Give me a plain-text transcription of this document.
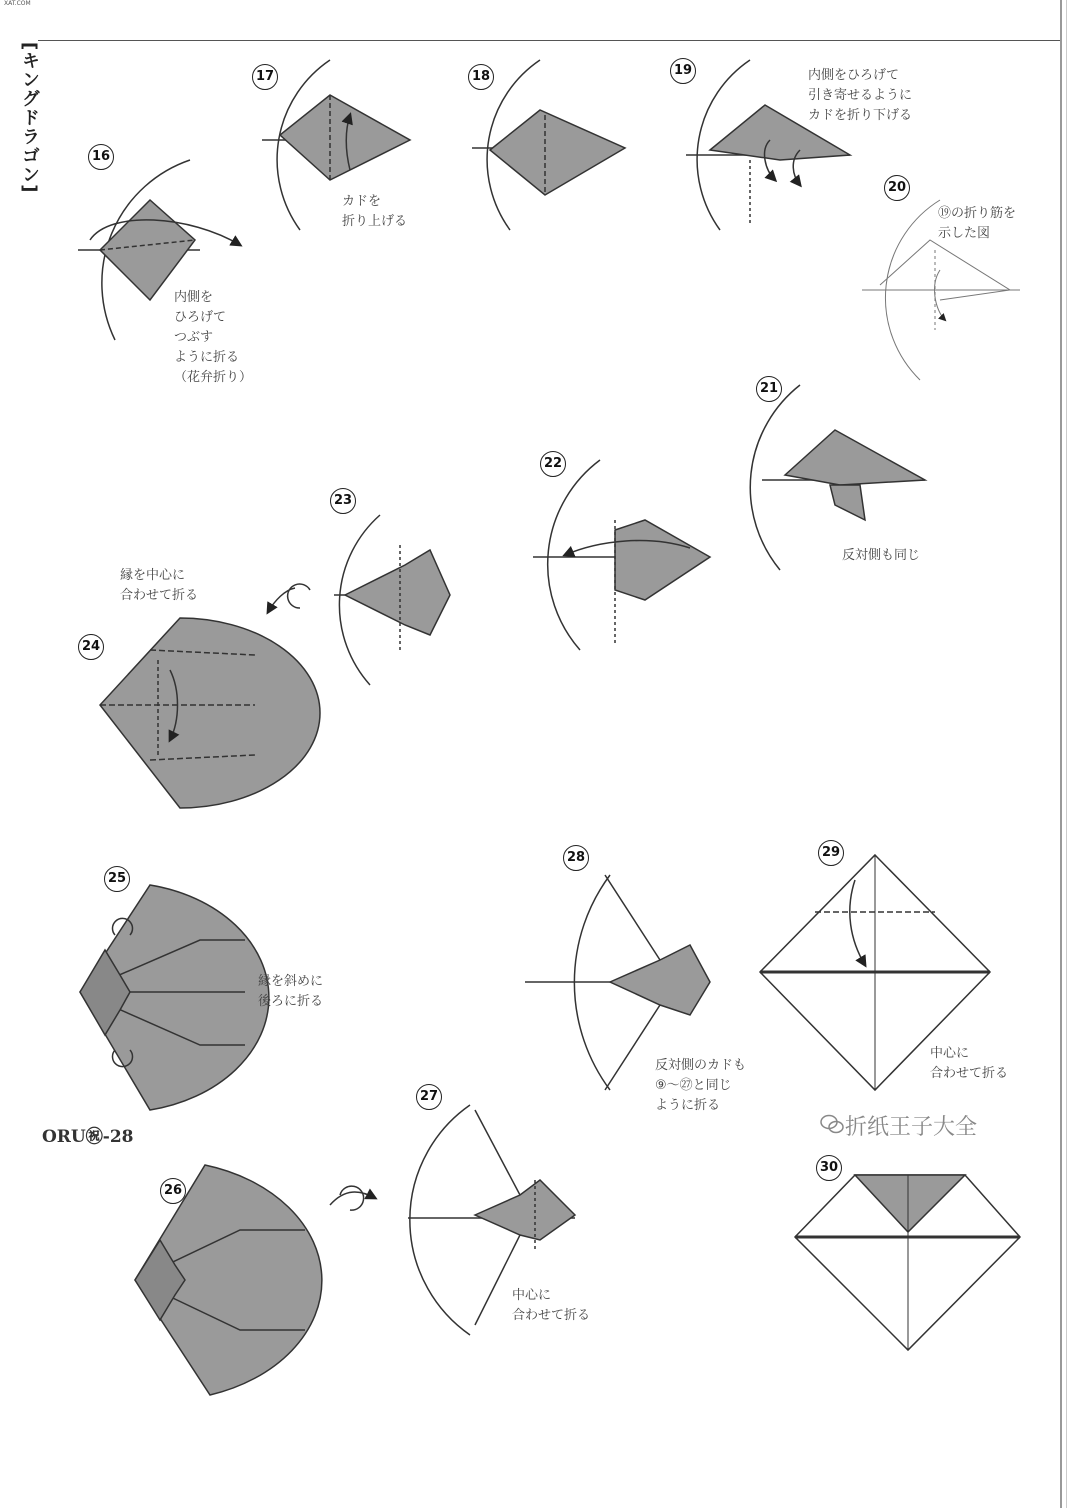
XAT.COM
[キングドラゴン]	16
17	18	19
20
21
22
23
24
25
26
27
28	29
30
内側を
ひろげて
つぶす
ように折る
（花弁折り）
カドを
折り上げる
内側をひろげて
引き寄せるように
カドを折り下げる
⑲の折り筋を
示した図
反対側も同じ
縁を中心に
合わせて折る
縁を斜めに
後ろに折る
中心に
合わせて折る
反対側のカドも
⑨〜㉗と同じ
ように折る
中心に
合わせて折る
ORU㊗-28	折纸王子大全
